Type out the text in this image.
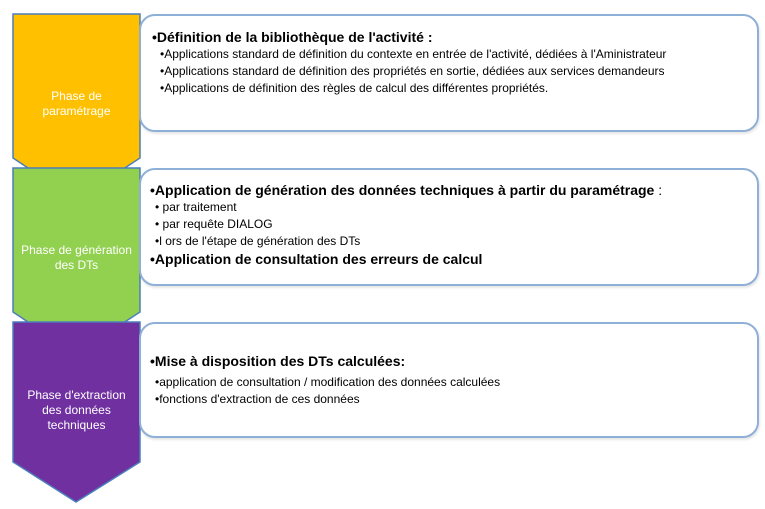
Phase de
paramétrage
•Définition de la bibliothèque de l'activité :
•Applications standard de définition du contexte en entrée de l'activité, dédiées à l'Aministrateur
•Applications standard de définition des propriétés en sortie, dédiées aux services demandeurs
•Applications de définition des règles de calcul des différentes propriétés.
Phase de génération
des DTs
•Application de génération des données techniques à partir du paramétrage :
• par traitement
• par requête DIALOG
•l ors de l'étape de génération des DTs
•Application de consultation des erreurs de calcul
Phase d'extraction
des données
techniques
•Mise à disposition des DTs calculées:
•application de consultation / modification des données calculées
•fonctions d'extraction de ces données
